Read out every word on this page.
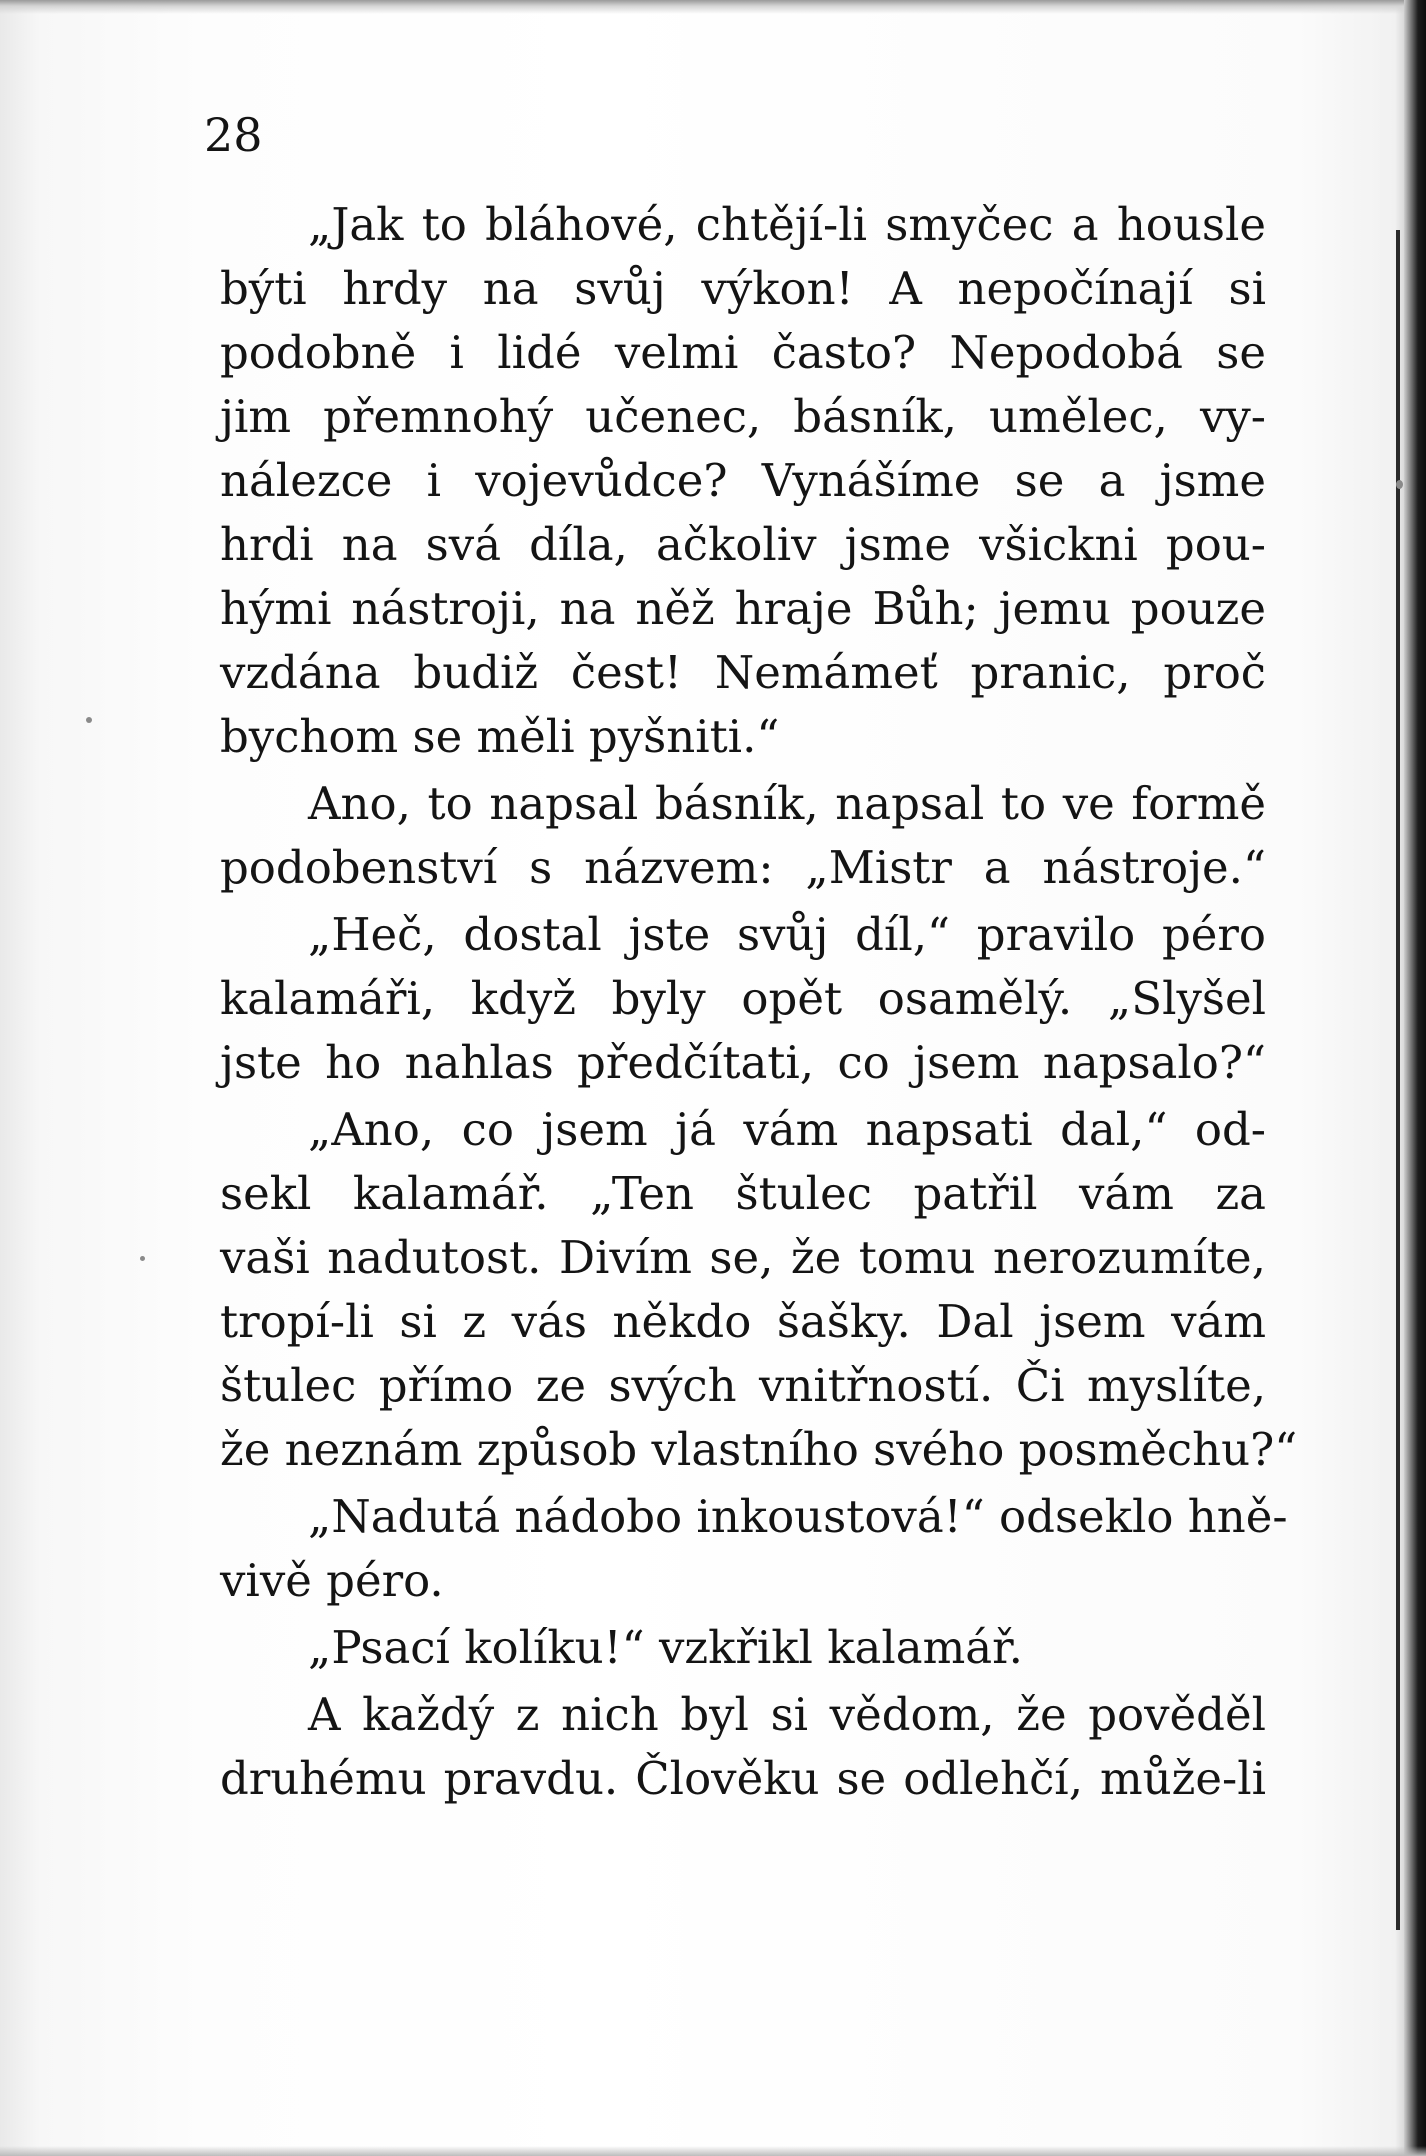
28

„Jak to bláhové, chtějí-li smyčec a housle
býti hrdy na svůj výkon! A nepočínají si
podobně i lidé velmi často? Nepodobá se
jim přemnohý učenec, básník, umělec, vy-
nálezce i vojevůdce? Vynášíme se a jsme
hrdi na svá díla, ačkoliv jsme všickni pou-
hými nástroji, na něž hraje Bůh; jemu pouze
vzdána budiž čest! Nemámeť pranic, proč
bychom se měli pyšniti.“

Ano, to napsal básník, napsal to ve formě
podobenství s názvem: „Mistr a nástroje.“

„Heč, dostal jste svůj díl,“ pravilo péro
kalamáři, když byly opět osamělý. „Slyšel
jste ho nahlas předčítati, co jsem napsalo?“

„Ano, co jsem já vám napsati dal,“ od-
sekl kalamář. „Ten štulec patřil vám za
vaši nadutost. Divím se, že tomu nerozumíte,
tropí-li si z vás někdo šašky. Dal jsem vám
štulec přímo ze svých vnitřností. Či myslíte,
že neznám způsob vlastního svého posměchu?“

„Nadutá nádobo inkoustová!“ odseklo hně-
vivě péro.

„Psací kolíku!“ vzkřikl kalamář.

A každý z nich byl si vědom, že pověděl
druhému pravdu. Člověku se odlehčí, může-li
